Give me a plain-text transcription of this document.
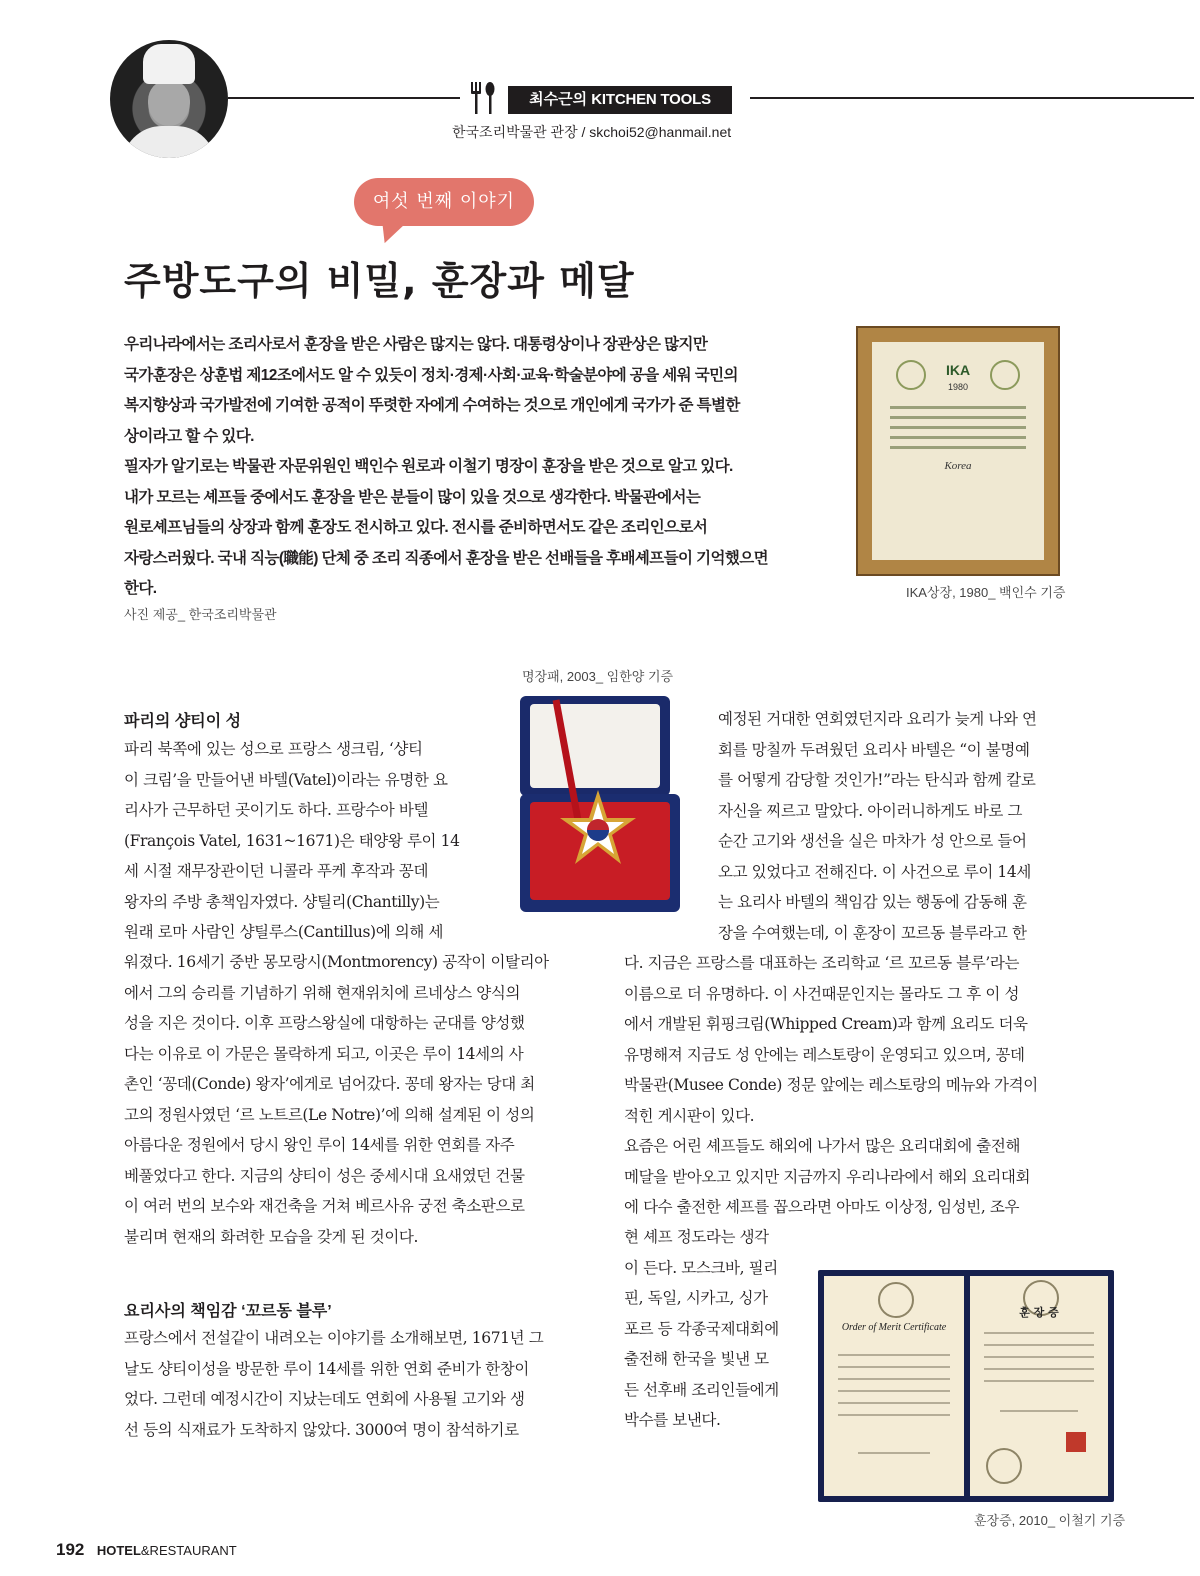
최수근의 KITCHEN TOOLS
한국조리박물관 관장 / skchoi52@hanmail.net
여섯 번째 이야기
주방도구의 비밀, 훈장과 메달

우리나라에서는 조리사로서 훈장을 받은 사람은 많지는 않다. 대통령상이나 장관상은 많지만

국가훈장은 상훈법 제12조에서도 알 수 있듯이 정치·경제·사회·교육·학술분야에 공을 세워 국민의

복지향상과 국가발전에 기여한 공적이 뚜렷한 자에게 수여하는 것으로 개인에게 국가가 준 특별한

상이라고 할 수 있다.

필자가 알기로는 박물관 자문위원인 백인수 원로과 이철기 명장이 훈장을 받은 것으로 알고 있다.

내가 모르는 셰프들 중에서도 훈장을 받은 분들이 많이 있을 것으로 생각한다. 박물관에서는

원로셰프님들의 상장과 함께 훈장도 전시하고 있다. 전시를 준비하면서도 같은 조리인으로서

자랑스러웠다. 국내 직능(職能) 단체 중 조리 직종에서 훈장을 받은 선배들을 후배셰프들이 기억했으면

한다.

사진 제공_ 한국조리박물관
IKA
1980
Korea
IKA상장, 1980_ 백인수 기증
명장패, 2003_ 임한양 기증
파리의 샹티이 성
파리 북쪽에 있는 성으로 프랑스 생크림, ‘샹티
이 크림’을 만들어낸 바텔(Vatel)이라는 유명한 요
리사가 근무하던 곳이기도 하다. 프랑수아 바텔
(François Vatel, 1631~1671)은 태양왕 루이 14
세 시절 재무장관이던 니콜라 푸케 후작과 꽁데
왕자의 주방 총책임자였다. 샹틸리(Chantilly)는
원래 로마 사람인 샹틸루스(Cantillus)에 의해 세
워졌다. 16세기 중반 몽모랑시(Montmorency) 공작이 이탈리아
에서 그의 승리를 기념하기 위해 현재위치에 르네상스 양식의
성을 지은 것이다. 이후 프랑스왕실에 대항하는 군대를 양성했
다는 이유로 이 가문은 몰락하게 되고, 이곳은 루이 14세의 사
촌인 ‘꽁데(Conde) 왕자’에게로 넘어갔다. 꽁데 왕자는 당대 최
고의 정원사였던 ‘르 노트르(Le Notre)’에 의해 설계된 이 성의
아름다운 정원에서 당시 왕인 루이 14세를 위한 연회를 자주
베풀었다고 한다. 지금의 샹티이 성은 중세시대 요새였던 건물
이 여러 번의 보수와 재건축을 거쳐 베르사유 궁전 축소판으로
불리며 현재의 화려한 모습을 갖게 된 것이다.
요리사의 책임감 ‘꼬르동 블루’
프랑스에서 전설같이 내려오는 이야기를 소개해보면, 1671년 그
날도 샹티이성을 방문한 루이 14세를 위한 연회 준비가 한창이
었다. 그런데 예정시간이 지났는데도 연회에 사용될 고기와 생
선 등의 식재료가 도착하지 않았다. 3000여 명이 참석하기로
예정된 거대한 연회였던지라 요리가 늦게 나와 연
회를 망칠까 두려웠던 요리사 바텔은 “이 불명예
를 어떻게 감당할 것인가!”라는 탄식과 함께 칼로
자신을 찌르고 말았다. 아이러니하게도 바로 그
순간 고기와 생선을 실은 마차가 성 안으로 들어
오고 있었다고 전해진다. 이 사건으로 루이 14세
는 요리사 바텔의 책임감 있는 행동에 감동해 훈
장을 수여했는데, 이 훈장이 꼬르동 블루라고 한
다. 지금은 프랑스를 대표하는 조리학교 ‘르 꼬르동 블루’라는
이름으로 더 유명하다. 이 사건때문인지는 몰라도 그 후 이 성
에서 개발된 휘핑크림(Whipped Cream)과 함께 요리도 더욱
유명해져 지금도 성 안에는 레스토랑이 운영되고 있으며, 꽁데
박물관(Musee Conde) 정문 앞에는 레스토랑의 메뉴와 가격이
적힌 게시판이 있다.
요즘은 어린 셰프들도 해외에 나가서 많은 요리대회에 출전해
메달을 받아오고 있지만 지금까지 우리나라에서 해외 요리대회
에 다수 출전한 셰프를 꼽으라면 아마도 이상정, 임성빈, 조우
현 셰프 정도라는 생각
이 든다. 모스크바, 필리
핀, 독일, 시카고, 싱가
포르 등 각종국제대회에
출전해 한국을 빛낸 모
든 선후배 조리인들에게
박수를 보낸다.
Order of Merit Certificate
훈 장 증
훈장증, 2010_ 이철기 기증
192 HOTEL&RESTAURANT
